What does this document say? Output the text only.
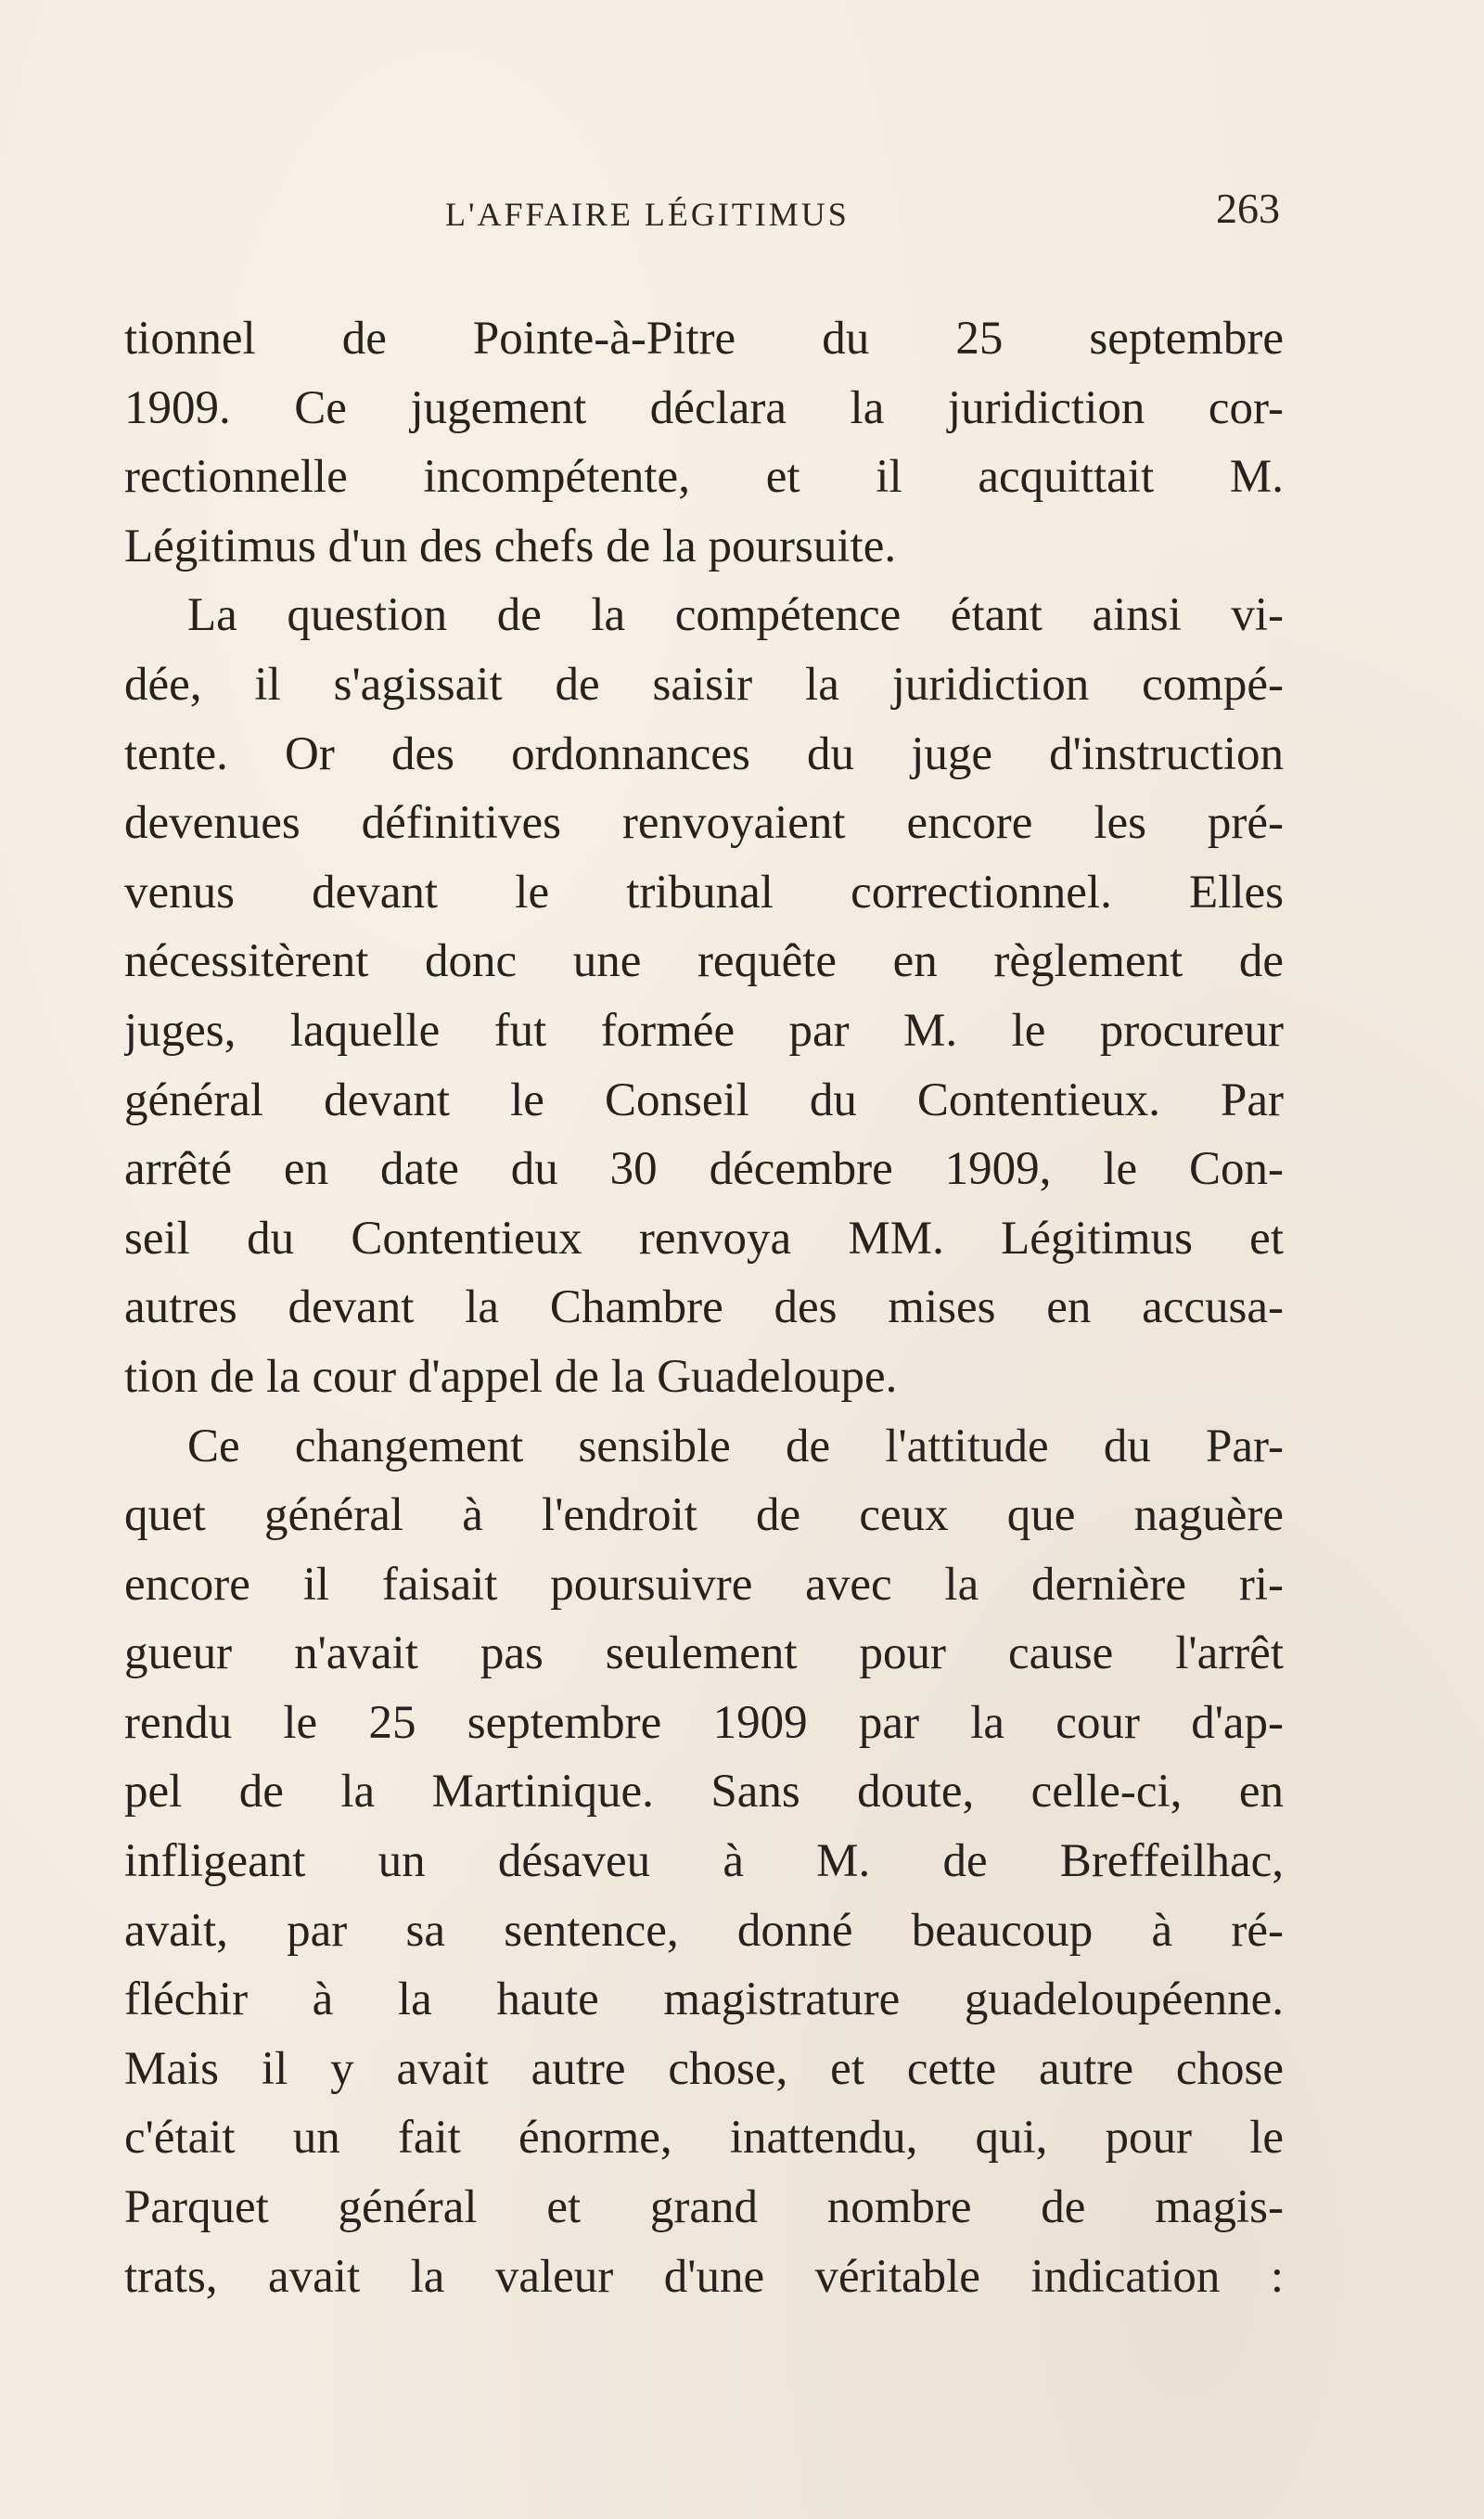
L'AFFAIRE LÉGITIMUS	263
tionnel de Pointe-à-Pitre du 25 septembre
1909. Ce jugement déclara la juridiction cor-
rectionnelle incompétente, et il acquittait M.
Légitimus d'un des chefs de la poursuite.
La question de la compétence étant ainsi vi-
dée, il s'agissait de saisir la juridiction compé-
tente. Or des ordonnances du juge d'instruction
devenues définitives renvoyaient encore les pré-
venus devant le tribunal correctionnel. Elles
nécessitèrent donc une requête en règlement de
juges, laquelle fut formée par M. le procureur
général devant le Conseil du Contentieux. Par
arrêté en date du 30 décembre 1909, le Con-
seil du Contentieux renvoya MM. Légitimus et
autres devant la Chambre des mises en accusa-
tion de la cour d'appel de la Guadeloupe.
Ce changement sensible de l'attitude du Par-
quet général à l'endroit de ceux que naguère
encore il faisait poursuivre avec la dernière ri-
gueur n'avait pas seulement pour cause l'arrêt
rendu le 25 septembre 1909 par la cour d'ap-
pel de la Martinique. Sans doute, celle-ci, en
infligeant un désaveu à M. de Breffeilhac,
avait, par sa sentence, donné beaucoup à ré-
fléchir à la haute magistrature guadeloupéenne.
Mais il y avait autre chose, et cette autre chose
c'était un fait énorme, inattendu, qui, pour le
Parquet général et grand nombre de magis-
trats, avait la valeur d'une véritable indication :
